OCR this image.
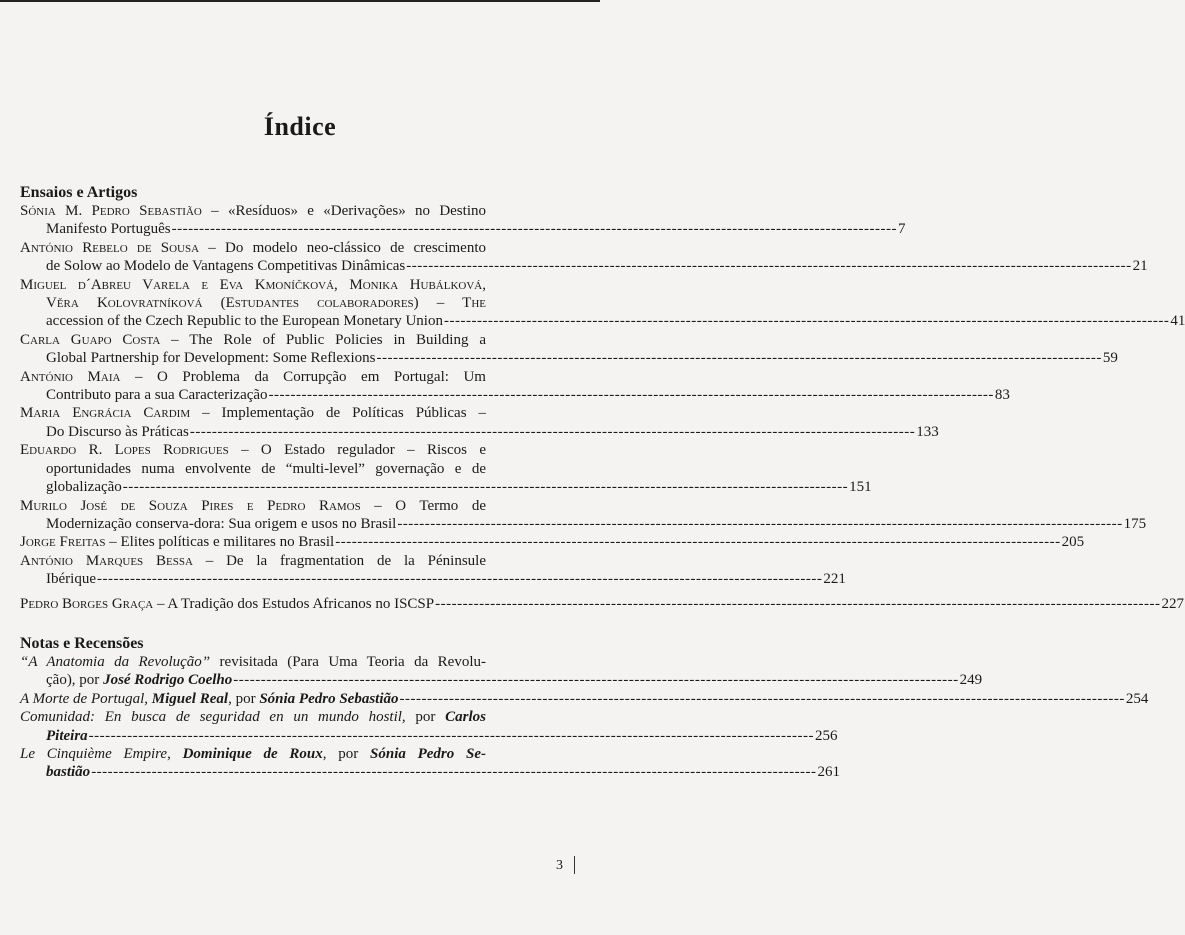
Índice

Ensaios e Artigos

Sónia M. Pedro Sebastião – «Resíduos» e «Derivações» no Destino
Manifesto Português-----	7
António Rebelo de Sousa – Do modelo neo-clássico de crescimento
de Solow ao Modelo de Vantagens Competitivas Dinâmicas-----	21
Miguel d´Abreu Varela e Eva Kmoníčková, Monika Hubálková,
Věra Kolovratníková (Estudantes colaboradores) – The
accession of the Czech Republic to the European Monetary Union-----	41
Carla Guapo Costa – The Role of Public Policies in Building a
Global Partnership for Development: Some Reflexions-----	59
António Maia – O Problema da Corrupção em Portugal: Um
Contributo para a sua Caracterização-----	83
Maria Engrácia Cardim – Implementação de Políticas Públicas –
Do Discurso às Práticas-----	133
Eduardo R. Lopes Rodrigues – O Estado regulador – Riscos e
oportunidades numa envolvente de “multi-level” governação e de
globalização-----	151
Murilo José de Souza Pires e Pedro Ramos – O Termo de
Modernização conserva-dora: Sua origem e usos no Brasil-----	175
Jorge Freitas – Elites políticas e militares no Brasil-----	205
António Marques Bessa – De la fragmentation de la Péninsule
Ibérique-----	221
Pedro Borges Graça – A Tradição dos Estudos Africanos no ISCSP-----	227

Notas e Recensões

“A Anatomia da Revolução” revisitada (Para Uma Teoria da Revolu-
ção), por José Rodrigo Coelho-----	249
A Morte de Portugal, Miguel Real, por Sónia Pedro Sebastião-----	254
Comunidad: En busca de seguridad en un mundo hostil, por Carlos
Piteira-----	256
Le Cinquième Empire, Dominique de Roux, por Sónia Pedro Se-
bastião-----	261
3
